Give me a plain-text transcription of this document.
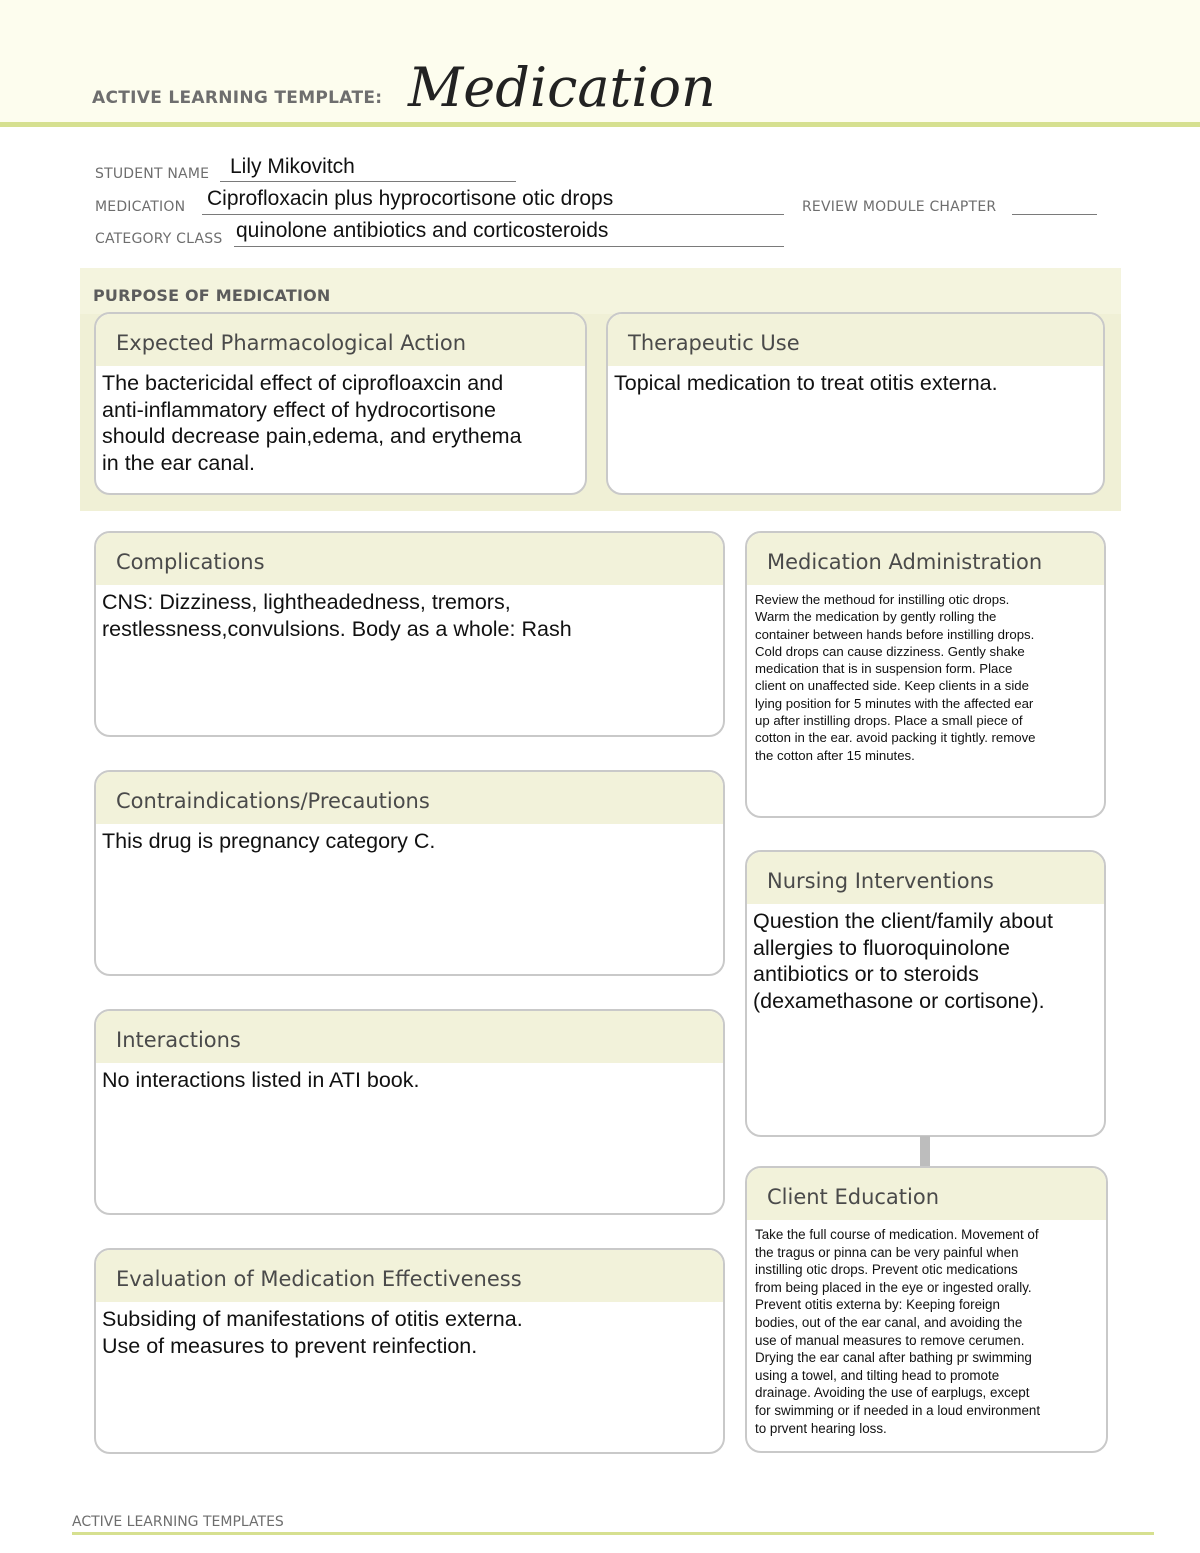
ACTIVE LEARNING TEMPLATE: Medication
STUDENT NAME Lily Mikovitch
MEDICATION Ciprofloxacin plus hyprocortisone otic drops	REVIEW MODULE CHAPTER
CATEGORY CLASS quinolone antibiotics and corticosteroids
PURPOSE OF MEDICATION
Expected Pharmacological Action
The bactericidal effect of ciprofloaxcin and
anti-inflammatory effect of hydrocortisone
should decrease pain,edema, and erythema
in the ear canal.
Therapeutic Use
Topical medication to treat otitis externa.
Complications
CNS: Dizziness, lightheadedness, tremors,
restlessness,convulsions. Body as a whole: Rash
Contraindications/Precautions
This drug is pregnancy category C.
Interactions
No interactions listed in ATI book.
Evaluation of Medication Effectiveness
Subsiding of manifestations of otitis externa.
Use of measures to prevent reinfection.
Medication Administration
Review the methoud for instilling otic drops.
Warm the medication by gently rolling the
container between hands before instilling drops.
Cold drops can cause dizziness. Gently shake
medication that is in suspension form. Place
client on unaffected side. Keep clients in a side
lying position for 5 minutes with the affected ear
up after instilling drops. Place a small piece of
cotton in the ear. avoid packing it tightly. remove
the cotton after 15 minutes.
Nursing Interventions
Question the client/family about
allergies to fluoroquinolone
antibiotics or to steroids
(dexamethasone or cortisone).
Client Education
Take the full course of medication. Movement of
the tragus or pinna can be very painful when
instilling otic drops. Prevent otic medications
from being placed in the eye or ingested orally.
Prevent otitis externa by: Keeping foreign
bodies, out of the ear canal, and avoiding the
use of manual measures to remove cerumen.
Drying the ear canal after bathing pr swimming
using a towel, and tilting head to promote
drainage. Avoiding the use of earplugs, except
for swimming or if needed in a loud environment
to prvent hearing loss.
ACTIVE LEARNING TEMPLATES
